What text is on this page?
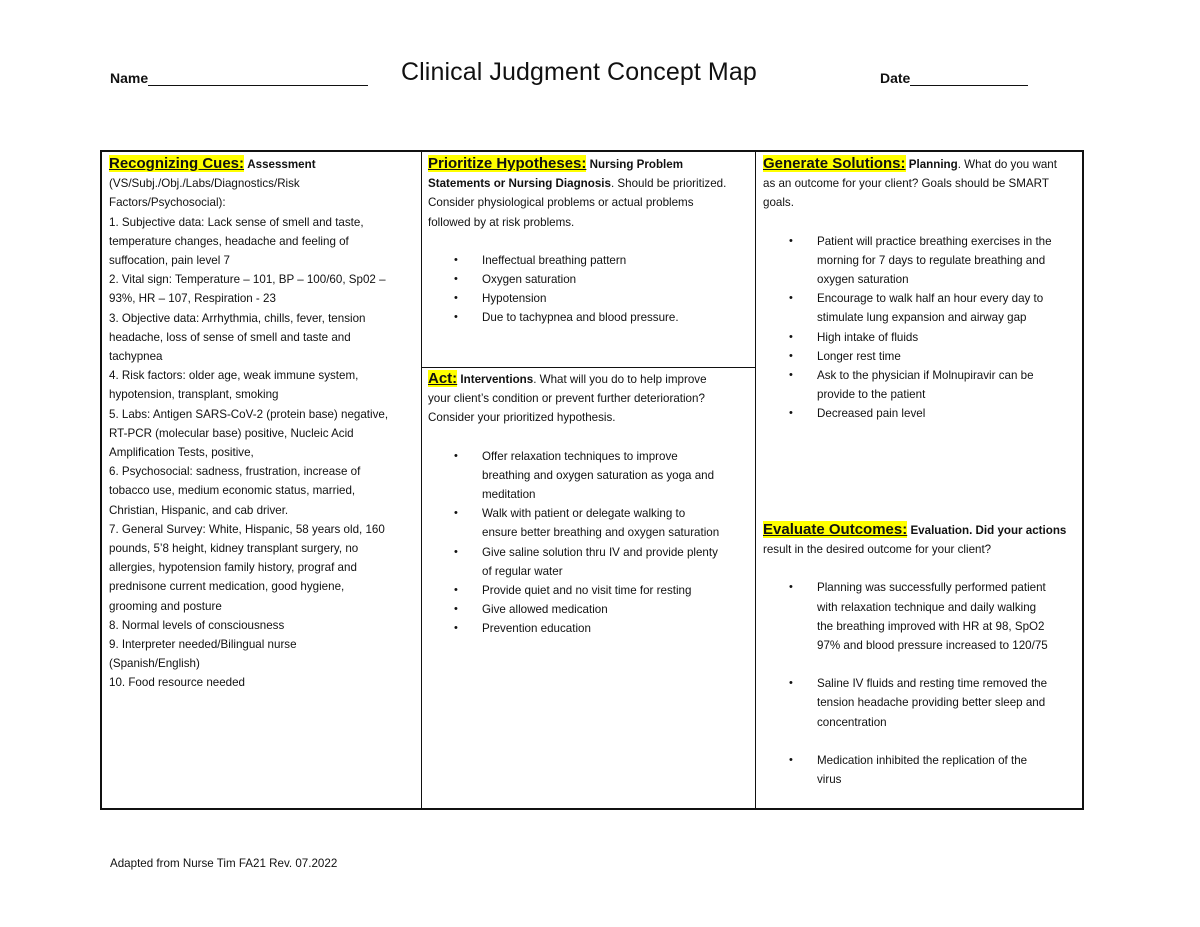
Name	Clinical Judgment Concept Map	Date
Recognizing Cues: Assessment
(VS/Subj./Obj./Labs/Diagnostics/Risk
Factors/Psychosocial):
1. Subjective data: Lack sense of smell and taste,
temperature changes, headache and feeling of
suffocation, pain level 7
2. Vital sign: Temperature – 101, BP – 100/60, Sp02 –
93%, HR – 107, Respiration - 23
3. Objective data: Arrhythmia, chills, fever, tension
headache, loss of sense of smell and taste and
tachypnea
4. Risk factors: older age, weak immune system,
hypotension, transplant, smoking
5. Labs: Antigen SARS-CoV-2 (protein base) negative,
RT-PCR (molecular base) positive, Nucleic Acid
Amplification Tests, positive,
6. Psychosocial: sadness, frustration, increase of
tobacco use, medium economic status, married,
Christian, Hispanic, and cab driver.
7. General Survey: White, Hispanic, 58 years old, 160
pounds, 5’8 height, kidney transplant surgery, no
allergies, hypotension family history, prograf and
prednisone current medication, good hygiene,
grooming and posture
8. Normal levels of consciousness
9. Interpreter needed/Bilingual nurse
(Spanish/English)
10. Food resource needed
Prioritize Hypotheses: Nursing Problem
Statements or Nursing Diagnosis. Should be prioritized.
Consider physiological problems or actual problems
followed by at risk problems.
• Ineffectual breathing pattern
• Oxygen saturation
• Hypotension
• Due to tachypnea and blood pressure.
Act: Interventions. What will you do to help improve
your client’s condition or prevent further deterioration?
Consider your prioritized hypothesis.
• Offer relaxation techniques to improve
breathing and oxygen saturation as yoga and
meditation
• Walk with patient or delegate walking to
ensure better breathing and oxygen saturation
• Give saline solution thru IV and provide plenty
of regular water
• Provide quiet and no visit time for resting
• Give allowed medication
• Prevention education
Generate Solutions: Planning. What do you want
as an outcome for your client? Goals should be SMART
goals.
• Patient will practice breathing exercises in the
morning for 7 days to regulate breathing and
oxygen saturation
• Encourage to walk half an hour every day to
stimulate lung expansion and airway gap
• High intake of fluids
• Longer rest time
• Ask to the physician if Molnupiravir can be
provide to the patient
• Decreased pain level
Evaluate Outcomes: Evaluation. Did your actions
result in the desired outcome for your client?
• Planning was successfully performed patient
with relaxation technique and daily walking
the breathing improved with HR at 98, SpO2
97% and blood pressure increased to 120/75
• Saline IV fluids and resting time removed the
tension headache providing better sleep and
concentration
• Medication inhibited the replication of the
virus
Adapted from Nurse Tim FA21 Rev. 07.2022
